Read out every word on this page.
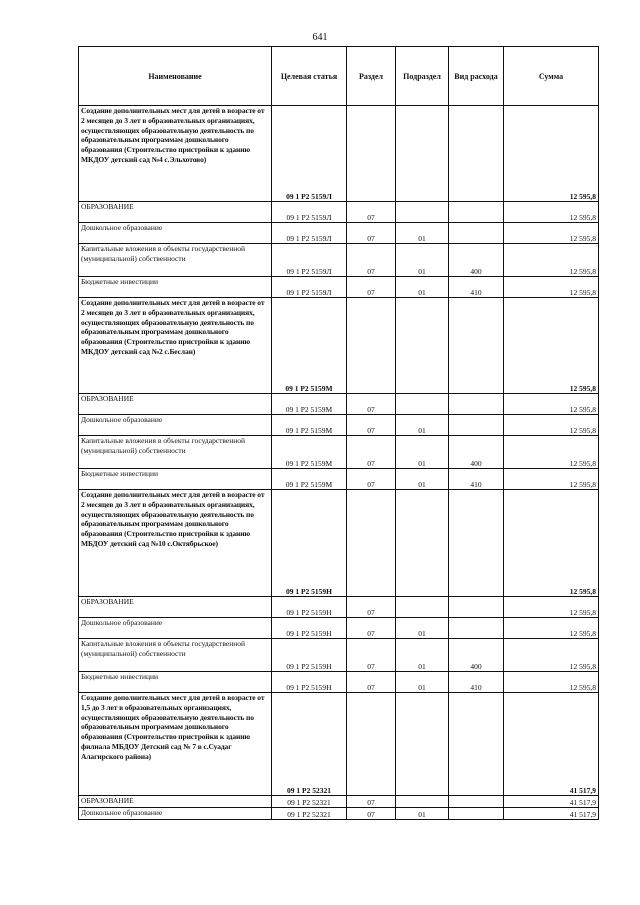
641
Наименование	Целевая статья	Раздел	Подраздел	Вид расхода	Сумма
Создание дополнительных мест для детей в возрасте от 2 месяцев до 3 лет в образовательных организациях, осуществляющих образовательную деятельность по образовательным программам дошкольного образования (Строительство пристройки к зданию МКДОУ детский сад №4 с.Эльхотово)	09 1 P2 5159Л				12 595,8
ОБРАЗОВАНИЕ	09 1 P2 5159Л	07			12 595,8
Дошкольное образование	09 1 P2 5159Л	07	01		12 595,8
Капитальные вложения в объекты государственной (муниципальной) собственности	09 1 P2 5159Л	07	01	400	12 595,8
Бюджетные инвестиции	09 1 P2 5159Л	07	01	410	12 595,8
Создание дополнительных мест для детей в возрасте от 2 месяцев до 3 лет в образовательных организациях, осуществляющих образовательную деятельность по образовательным программам дошкольного образования (Строительство пристройки к зданию МКДОУ детский сад №2 с.Беслан)	09 1 P2 5159М				12 595,8
ОБРАЗОВАНИЕ	09 1 P2 5159М	07			12 595,8
Дошкольное образование	09 1 P2 5159М	07	01		12 595,8
Капитальные вложения в объекты государственной (муниципальной) собственности	09 1 P2 5159М	07	01	400	12 595,8
Бюджетные инвестиции	09 1 P2 5159М	07	01	410	12 595,8
Создание дополнительных мест для детей в возрасте от 2 месяцев до 3 лет в образовательных организациях, осуществляющих образовательную деятельность по образовательным программам дошкольного образования (Строительство пристройки к зданию МБДОУ детский сад №10 с.Октябрьское)	09 1 P2 5159Н				12 595,8
ОБРАЗОВАНИЕ	09 1 P2 5159Н	07			12 595,8
Дошкольное образование	09 1 P2 5159Н	07	01		12 595,8
Капитальные вложения в объекты государственной (муниципальной) собственности	09 1 P2 5159Н	07	01	400	12 595,8
Бюджетные инвестиции	09 1 P2 5159Н	07	01	410	12 595,8
Создание дополнительных мест для детей в возрасте от 1,5 до 3 лет в образовательных организациях, осуществляющих образовательную деятельность по образовательным программам дошкольного образования (Строительство пристройки к зданию филиала МБДОУ Детский сад № 7 в с.Суадаг Алагирского района)	09 1 P2 52321				41 517,9
ОБРАЗОВАНИЕ	09 1 P2 52321	07			41 517,9
Дошкольное образование	09 1 P2 52321	07	01		41 517,9
